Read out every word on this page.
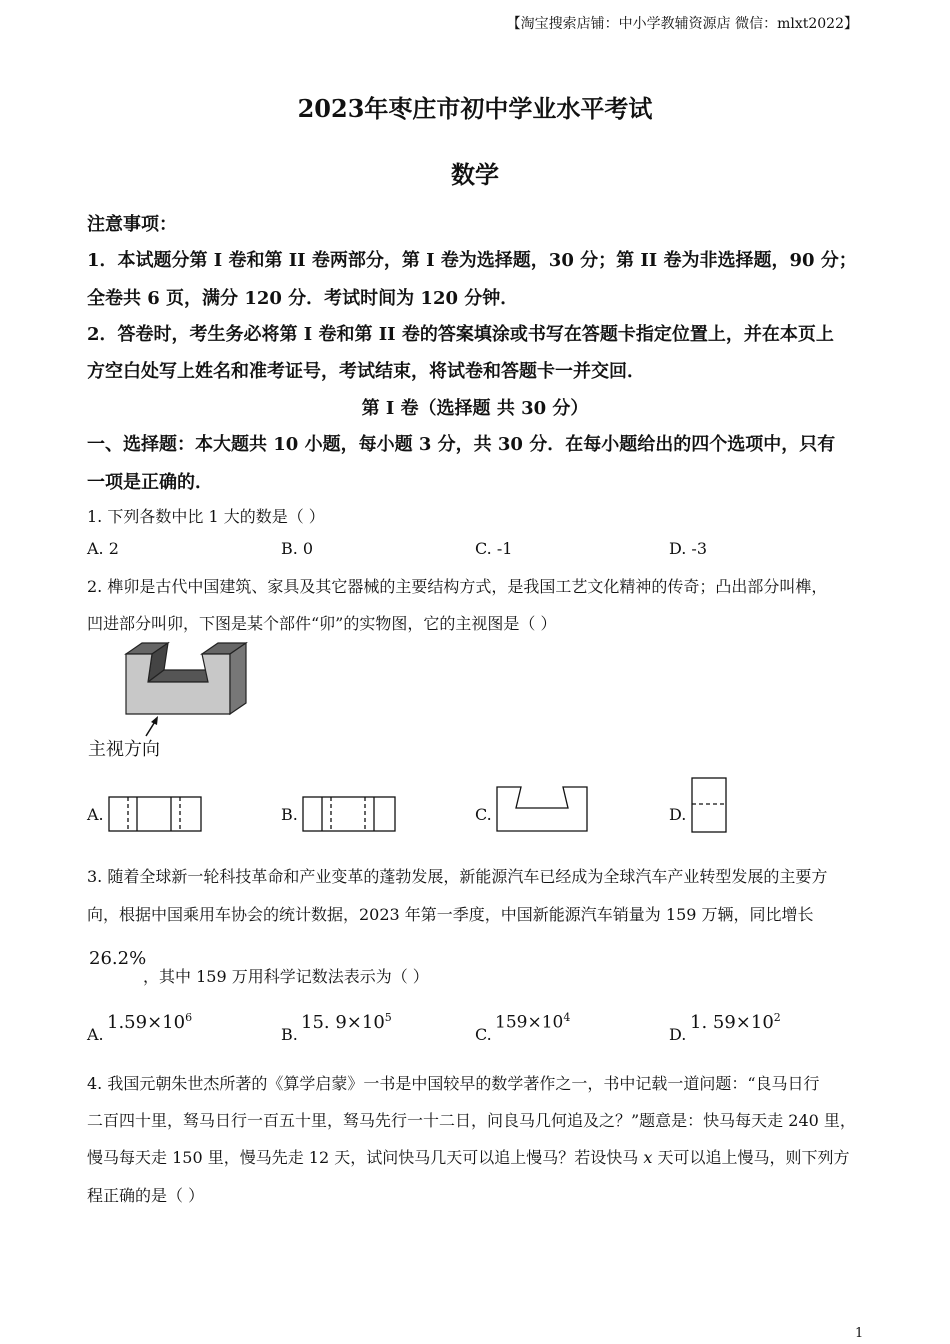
【淘宝搜索店铺：中小学教辅资源店 微信：mlxt2022】
2023年枣庄市初中学业水平考试
数学
注意事项：
1．本试题分第 I 卷和第 II 卷两部分，第 I 卷为选择题，30 分；第 II 卷为非选择题，90 分；
全卷共 6 页，满分 120 分．考试时间为 120 分钟．
2．答卷时，考生务必将第 I 卷和第 II 卷的答案填涂或书写在答题卡指定位置上，并在本页上
方空白处写上姓名和准考证号，考试结束，将试卷和答题卡一并交回．
第 I 卷（选择题 共 30 分）
一、选择题：本大题共 10 小题，每小题 3 分，共 30 分．在每小题给出的四个选项中，只有
一项是正确的．
1. 下列各数中比 1 大的数是（ ）
A. 2	B. 0	C. -1	D. -3
2. 榫卯是古代中国建筑、家具及其它器械的主要结构方式，是我国工艺文化精神的传奇；凸出部分叫榫，
凹进部分叫卯，下图是某个部件“卯”的实物图，它的主视图是（ ）
主视方向
A.	B.	C.	D.
3. 随着全球新一轮科技革命和产业变革的蓬勃发展，新能源汽车已经成为全球汽车产业转型发展的主要方
向，根据中国乘用车协会的统计数据，2023 年第一季度，中国新能源汽车销量为 159 万辆，同比增长
26.2%
，其中 159 万用科学记数法表示为（ ）
A.
$1.59\times 10^6$
B.
15. $9\times 10^5$
C.
$159\times 10^4$
D.
1. $59\times 10^2$
4. 我国元朝朱世杰所著的《算学启蒙》一书是中国较早的数学著作之一，书中记载一道问题：“良马日行
二百四十里，驽马日行一百五十里，驽马先行一十二日，问良马几何追及之？”题意是：快马每天走 240 里，
慢马每天走 150 里，慢马先走 12 天，试问快马几天可以追上慢马？若设快马 x 天可以追上慢马，则下列方
程正确的是（ ）
1
